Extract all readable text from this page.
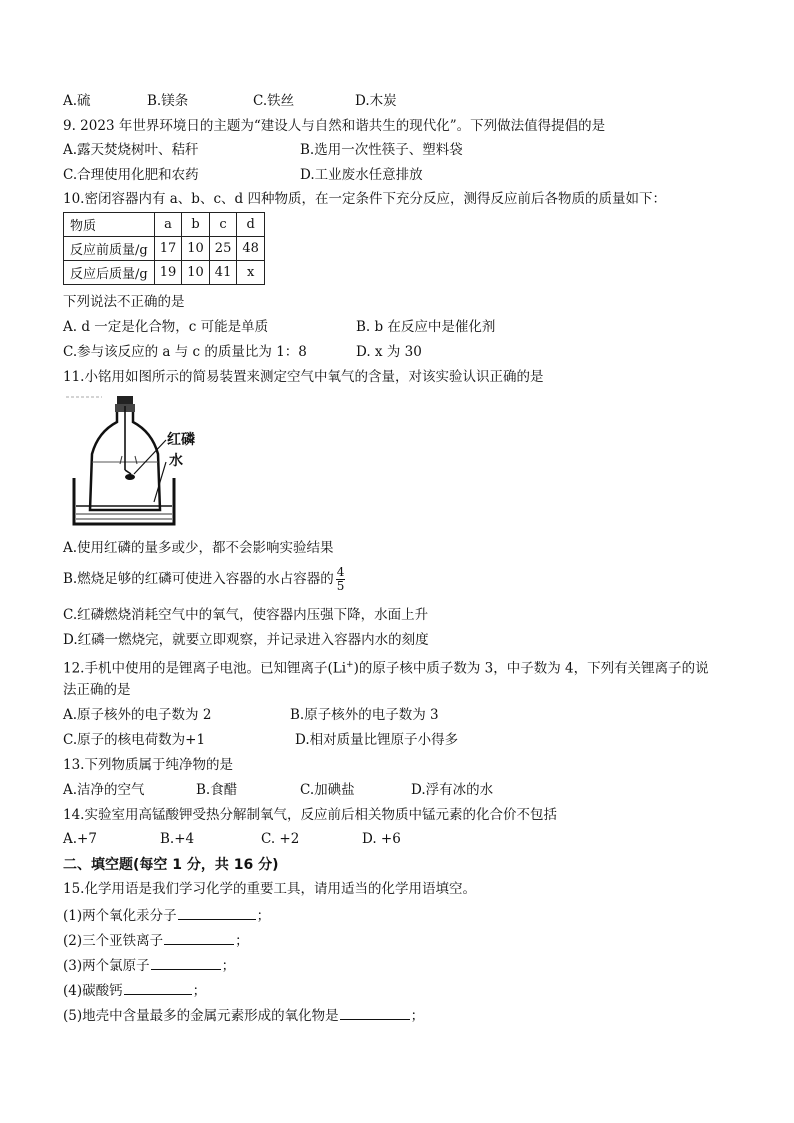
A.硫	B.镁条	C.铁丝	D.木炭
9. 2023 年世界环境日的主题为“建设人与自然和谐共生的现代化”。下列做法值得提倡的是
A.露天焚烧树叶、秸秆	B.选用一次性筷子、塑料袋
C.合理使用化肥和农药	D.工业废水任意排放
10.密闭容器内有 a、b、c、d 四种物质，在一定条件下充分反应，测得反应前后各物质的质量如下：
物质	a	b	c	d
反应前质量/g	17	10	25	48
反应后质量/g	19	10	41	x
下列说法不正确的是
A. d 一定是化合物，c 可能是单质	B. b 在反应中是催化剂
C.参与该反应的 a 与 c 的质量比为 1：8	D. x 为 30
11.小铭用如图所示的简易装置来测定空气中氧气的含量，对该实验认识正确的是
红磷
水
A.使用红磷的量多或少，都不会影响实验结果
B.燃烧足够的红磷可使进入容器的水占容器的 $\frac{4}{5}$
C.红磷燃烧消耗空气中的氧气，使容器内压强下降，水面上升
D.红磷一燃烧完，就要立即观察，并记录进入容器内水的刻度
12.手机中使用的是锂离子电池。已知锂离子(Li+)的原子核中质子数为 3，中子数为 4，下列有关锂离子的说
法正确的是
A.原子核外的电子数为 2	B.原子核外的电子数为 3
C.原子的核电荷数为+1	D.相对质量比锂原子小得多
13.下列物质属于纯净物的是
A.洁净的空气	B.食醋	C.加碘盐	D.浮有冰的水
14.实验室用高锰酸钾受热分解制氧气，反应前后相关物质中锰元素的化合价不包括
A.+7	B.+4	C. +2	D. +6
二、填空题(每空 1 分，共 16 分)
15.化学用语是我们学习化学的重要工具，请用适当的化学用语填空。
(1)两个氧化汞分子	；
(2)三个亚铁离子	；
(3)两个氯原子	；
(4)碳酸钙	；
(5)地壳中含量最多的金属元素形成的氧化物是	；
